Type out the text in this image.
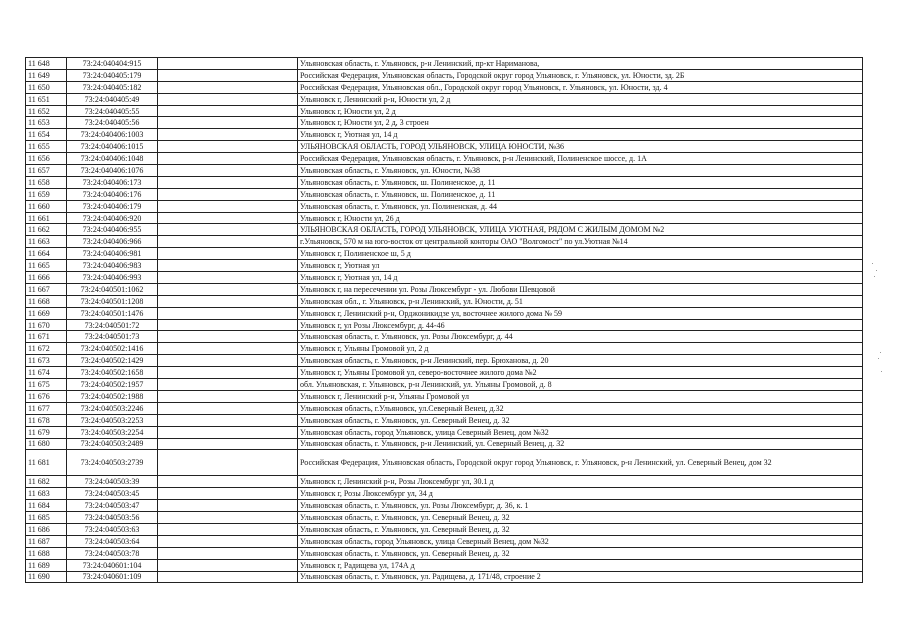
11 648	73:24:040404:915		Ульяновская область, г. Ульяновск, р-н Ленинский, пр-кт Нариманова,
11 649	73:24:040405:179		Российская Федерация, Ульяновская область, Городской округ город Ульяновск, г. Ульяновск, ул. Юности, зд. 2Б
11 650	73:24:040405:182		Российская Федерация, Ульяновская обл., Городской округ город Ульяновск, г. Ульяновск, ул. Юности, зд. 4
11 651	73:24:040405:49		Ульяновск г, Ленинский р-н, Юности ул, 2 д
11 652	73:24:040405:55		Ульяновск г, Юности ул, 2 д
11 653	73:24:040405:56		Ульяновск г, Юности ул, 2 д, 3 строен
11 654	73:24:040406:1003		Ульяновск г, Уютная ул, 14 д
11 655	73:24:040406:1015		УЛЬЯНОВСКАЯ ОБЛАСТЬ, ГОРОД УЛЬЯНОВСК, УЛИЦА ЮНОСТИ, №36
11 656	73:24:040406:1048		Российская Федерация, Ульяновская область, г. Ульяновск, р-н Ленинский, Полиненское шоссе, д. 1А
11 657	73:24:040406:1076		Ульяновская область, г. Ульяновск, ул. Юности, №38
11 658	73:24:040406:173		Ульяновская область, г. Ульяновск, ш. Полиненское, д. 11
11 659	73:24:040406:176		Ульяновская область, г. Ульяновск, ш. Полиненское, д. 11
11 660	73:24:040406:179		Ульяновская область, г. Ульяновск, ул. Полиненская, д. 44
11 661	73:24:040406:920		Ульяновск г, Юности ул, 26 д
11 662	73:24:040406:955		УЛЬЯНОВСКАЯ ОБЛАСТЬ, ГОРОД УЛЬЯНОВСК, УЛИЦА УЮТНАЯ, РЯДОМ С ЖИЛЫМ ДОМОМ №2
11 663	73:24:040406:966		г.Ульяновск, 570 м на юго-восток от центральной конторы ОАО "Волгомост" по ул.Уютная №14
11 664	73:24:040406:981		Ульяновск г, Полиненское ш, 5 д
11 665	73:24:040406:983		Ульяновск г, Уютная ул
11 666	73:24:040406:993		Ульяновск г, Уютная ул, 14 д
11 667	73:24:040501:1062		Ульяновск г, на пересечении ул. Розы Люксембург - ул. Любови Шевцовой
11 668	73:24:040501:1208		Ульяновская обл., г. Ульяновск, р-н Ленинский, ул. Юности, д. 51
11 669	73:24:040501:1476		Ульяновск г, Ленинский р-н, Орджоникидзе ул, восточнее жилого дома № 59
11 670	73:24:040501:72		Ульяновск г, ул Розы Люксембург, д. 44-46
11 671	73:24:040501:73		Ульяновская область, г. Ульяновск, ул. Розы Люксембург, д. 44
11 672	73:24:040502:1416		Ульяновск г, Ульяны Громовой ул, 2 д
11 673	73:24:040502:1429		Ульяновская область, г. Ульяновск, р-н Ленинский, пер. Брюханова, д. 20
11 674	73:24:040502:1658		Ульяновск г, Ульяны Громовой ул, северо-восточнее жилого дома №2
11 675	73:24:040502:1957		обл. Ульяновская, г. Ульяновск, р-н Ленинский, ул. Ульяны Громовой, д. 8
11 676	73:24:040502:1988		Ульяновск г, Ленинский р-н, Ульяны Громовой ул
11 677	73:24:040503:2246		Ульяновская область, г.Ульяновск, ул.Северный Венец, д.32
11 678	73:24:040503:2253		Ульяновская область, г. Ульяновск, ул. Северный Венец, д. 32
11 679	73:24:040503:2254		Ульяновская область, город Ульяновск, улица Северный Венец, дом №32
11 680	73:24:040503:2489		Ульяновская область, г. Ульяновск, р-н Ленинский, ул. Северный Венец, д. 32
11 681	73:24:040503:2739		Российская Федерация, Ульяновская область, Городской округ город Ульяновск, г. Ульяновск, р-н Ленинский, ул. Северный Венец, дом 32
11 682	73:24:040503:39		Ульяновск г, Ленинский р-н, Розы Люксембург ул, 30.1 д
11 683	73:24:040503:45		Ульяновск г, Розы Люксембург ул, 34 д
11 684	73:24:040503:47		Ульяновская область, г. Ульяновск, ул. Розы Люксембург, д. 36, к. 1
11 685	73:24:040503:56		Ульяновская область, г. Ульяновск, ул. Северный Венец, д. 32
11 686	73:24:040503:63		Ульяновская область, г. Ульяновск, ул. Северный Венец, д. 32
11 687	73:24:040503:64		Ульяновская область, город Ульяновск, улица Северный Венец, дом №32
11 688	73:24:040503:78		Ульяновская область, г. Ульяновск, ул. Северный Венец, д. 32
11 689	73:24:040601:104		Ульяновск г, Радищева ул, 174А д
11 690	73:24:040601:109		Ульяновская область, г. Ульяновск, ул. Радищева, д. 171/48, строение 2
